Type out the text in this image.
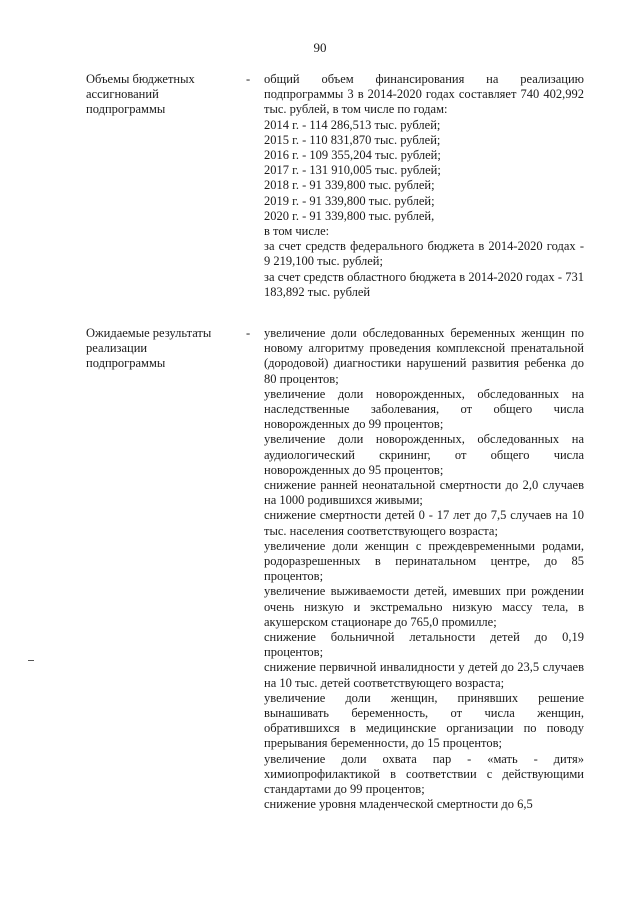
90
Объемы бюджетных ассигнований подпрограммы
- общий объем финансирования на реализацию подпрограммы 3 в 2014-2020 годах составляет 740 402,992 тыс. рублей, в том числе по годам:

2014 г. - 114 286,513 тыс. рублей;

2015 г. - 110 831,870 тыс. рублей;

2016 г. - 109 355,204 тыс. рублей;

2017 г. - 131 910,005 тыс. рублей;

2018 г. - 91 339,800 тыс. рублей;

2019 г. - 91 339,800 тыс. рублей;

2020 г. - 91 339,800 тыс. рублей,

в том числе:

за счет средств федерального бюджета в 2014-2020 годах - 9 219,100 тыс. рублей;

за счет средств областного бюджета в 2014-2020 годах - 731 183,892 тыс. рублей

Ожидаемые результаты реализации подпрограммы
- увеличение доли обследованных беременных женщин по новому алгоритму проведения комплексной пренатальной (дородовой) диагностики нарушений развития ребенка до 80 процентов;

увеличение доли новорожденных, обследованных на наследственные заболевания, от общего числа новорожденных до 99 процентов;

увеличение доли новорожденных, обследованных на аудиологический скрининг, от общего числа новорожденных до 95 процентов;

снижение ранней неонатальной смертности до 2,0 случаев на 1000 родившихся живыми;

снижение смертности детей 0 - 17 лет до 7,5 случаев на 10 тыс. населения соответствующего возраста;

увеличение доли женщин с преждевременными родами, родоразрешенных в перинатальном центре, до 85 процентов;

увеличение выживаемости детей, имевших при рождении очень низкую и экстремально низкую массу тела, в акушерском стационаре до 765,0 промилле;

снижение больничной летальности детей до 0,19 процентов;

снижение первичной инвалидности у детей до 23,5 случаев на 10 тыс. детей соответствующего возраста;

увеличение доли женщин, принявших решение вынашивать беременность, от числа женщин, обратившихся в медицинские организации по поводу прерывания беременности, до 15 процентов;

увеличение доли охвата пар - «мать - дитя» химиопрофилактикой в соответствии с действующими стандартами до 99 процентов;

снижение уровня младенческой смертности до 6,5
